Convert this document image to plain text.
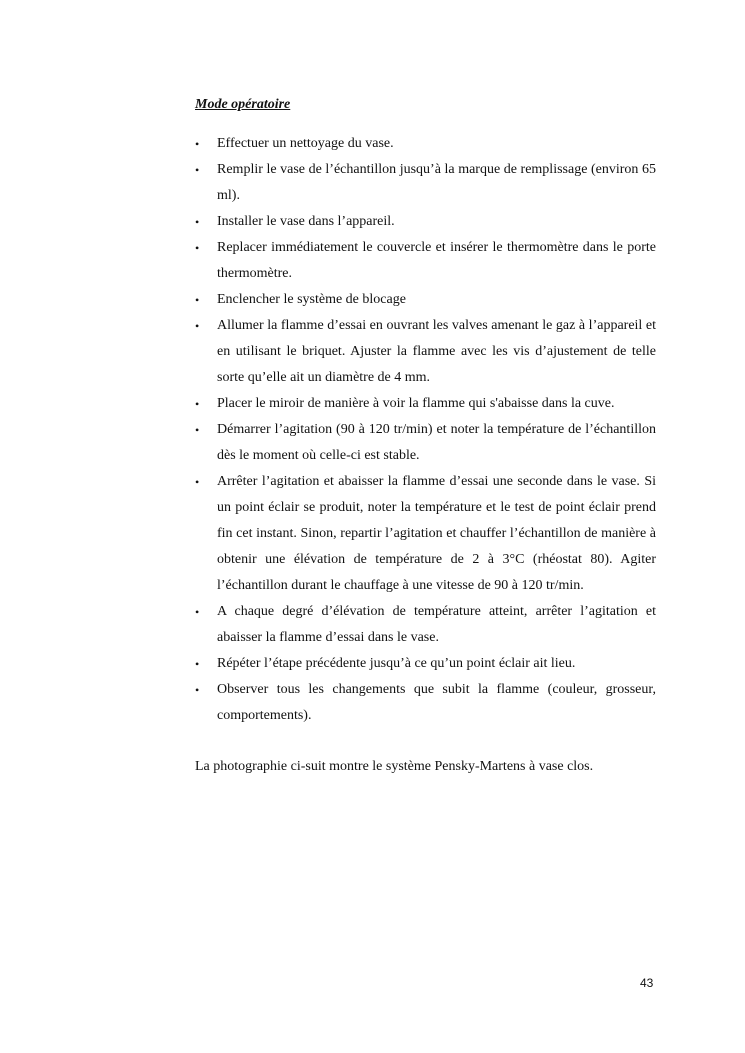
Mode opératoire
• Effectuer un nettoyage du vase.
• Remplir le vase de l’échantillon jusqu’à la marque de remplissage (environ 65 ml).
• Installer le vase dans l’appareil.
• Replacer immédiatement le couvercle et insérer le thermomètre dans le porte thermomètre.
• Enclencher le système de blocage
• Allumer la flamme d’essai en ouvrant les valves amenant le gaz à l’appareil et en utilisant le briquet. Ajuster la flamme avec les vis d’ajustement de telle sorte qu’elle ait un diamètre de 4 mm.
• Placer le miroir de manière à voir la flamme qui s'abaisse dans la cuve.
• Démarrer l’agitation (90 à 120 tr/min) et noter la température de l’échantillon dès le moment où celle-ci est stable.
• Arrêter l’agitation et abaisser la flamme d’essai une seconde dans le vase. Si un point éclair se produit, noter la température et le test de point éclair prend fin cet instant. Sinon, repartir l’agitation et chauffer l’échantillon de manière à obtenir une élévation de température de 2 à 3°C (rhéostat 80). Agiter l’échantillon durant le chauffage à une vitesse de 90 à 120 tr/min.
• A chaque degré d’élévation de température atteint, arrêter l’agitation et abaisser la flamme d’essai dans le vase.
• Répéter l’étape précédente jusqu’à ce qu’un point éclair ait lieu.
• Observer tous les changements que subit la flamme (couleur, grosseur, comportements).

La photographie ci-suit montre le système Pensky-Martens à vase clos.

43
